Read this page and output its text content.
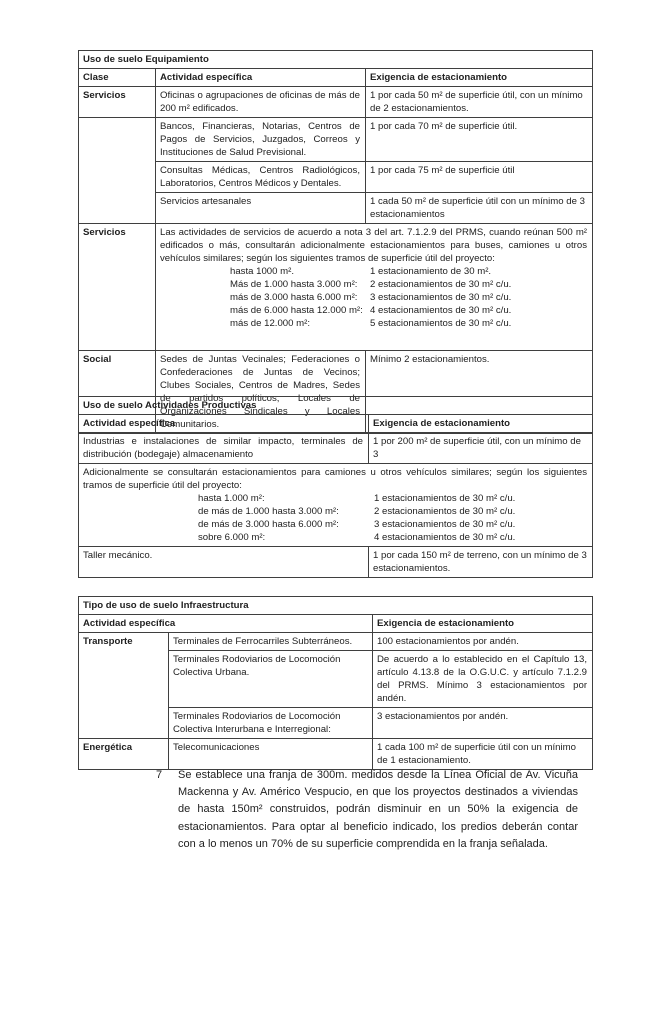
Uso de suelo Equipamiento		
Clase	Actividad específica	Exigencia de estacionamiento
Servicios	Oficinas o agrupaciones de oficinas de más de 200 m² edificados.	1 por cada 50 m² de superficie útil, con un mínimo de 2 estacionamientos.
	Bancos, Financieras, Notarias, Centros de Pagos de Servicios, Juzgados, Correos y Instituciones de Salud Previsional.	1 por cada 70 m² de superficie útil.
	Consultas Médicas, Centros Radiológicos, Laboratorios, Centros Médicos y Dentales.	1 por cada 75 m² de superficie útil
	Servicios artesanales	1 cada 50 m² de superficie útil con un mínimo de 3 estacionamientos
Servicios	Las actividades de servicios de acuerdo a nota 3 del art. 7.1.2.9 del PRMS, cuando reúnan 500 m² edificados o más, consultarán adicionalmente estacionamientos para buses, camiones u otros vehículos similares; según los siguientes tramos de superficie útil del proyecto:
hasta 1000 m².	1 estacionamiento de 30 m².
Más de 1.000 hasta 3.000 m²:	2 estacionamientos de 30 m² c/u.
más de 3.000 hasta 6.000 m²:	3 estacionamientos de 30 m² c/u.
más de 6.000 hasta 12.000 m²: 4 estacionamientos de 30 m² c/u.
más de 12.000 m²:	5 estacionamientos de 30 m² c/u.

Social	Sedes de Juntas Vecinales; Federaciones o Confederaciones de Juntas de Vecinos; Clubes Sociales, Centros de Madres, Sedes de partidos políticos, Locales de Organizaciones Sindicales y Locales Comunitarios.	Mínimo 2 estacionamientos.
Uso de suelo Actividades Productivas	
Actividad específica	Exigencia de estacionamiento
Industrias e instalaciones de similar impacto, terminales de distribución (bodegaje) almacenamiento	1 por 200 m² de superficie útil, con un mínimo de 3

Adicionalmente se consultarán estacionamientos para camiones u otros vehículos similares; según los siguientes tramos de superficie útil del proyecto:
hasta 1.000 m²:	1 estacionamientos de 30 m² c/u.
de más de 1.000 hasta 3.000 m²:	2 estacionamientos de 30 m² c/u.
de más de 3.000 hasta 6.000 m²:	3 estacionamientos de 30 m² c/u.
sobre 6.000 m²:	4 estacionamientos de 30 m² c/u.

Taller mecánico.	1 por cada 150 m² de terreno, con un mínimo de 3 estacionamientos.
Tipo de uso de suelo Infraestructura		
Actividad específica		Exigencia de estacionamiento
Transporte	Terminales de Ferrocarriles Subterráneos.	100 estacionamientos por andén.
	Terminales Rodoviarios de Locomoción Colectiva Urbana.	De acuerdo a lo establecido en el Capítulo 13, artículo 4.13.8 de la O.G.U.C. y artículo 7.1.2.9 del PRMS. Mínimo 3 estacionamientos por andén.
	Terminales Rodoviarios de Locomoción Colectiva Interurbana e Interregional:	3 estacionamientos por andén.
Energética	Telecomunicaciones	1 cada 100 m² de superficie útil con un mínimo de 1 estacionamiento.
7	Se establece una franja de 300m. medidos desde la Línea Oficial de Av. Vicuña Mackenna y Av. Américo Vespucio, en que los proyectos destinados a viviendas de hasta 150m² construidos, podrán disminuir en un 50% la exigencia de estacionamientos. Para optar al beneficio indicado, los predios deberán contar con a lo menos un 70% de su superficie comprendida en la franja señalada.
